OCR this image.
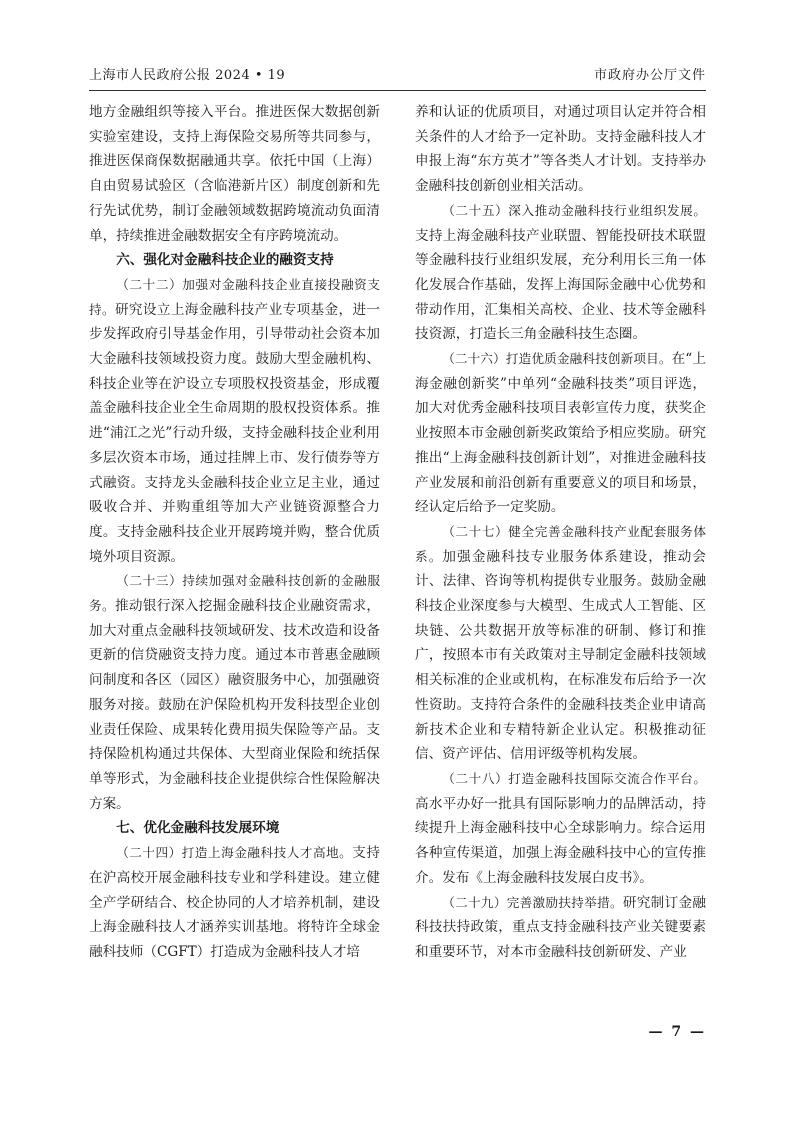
上海市人民政府公报 2024 • 19	市政府办公厅文件

地方金融组织等接入平台。推进医保大数据创新实验室建设，支持上海保险交易所等共同参与，推进医保商保数据融通共享。依托中国（上海）自由贸易试验区（含临港新片区）制度创新和先行先试优势，制订金融领域数据跨境流动负面清单，持续推进金融数据安全有序跨境流动。

六、强化对金融科技企业的融资支持

（二十二）加强对金融科技企业直接投融资支持。研究设立上海金融科技产业专项基金，进一步发挥政府引导基金作用，引导带动社会资本加大金融科技领域投资力度。鼓励大型金融机构、科技企业等在沪设立专项股权投资基金，形成覆盖金融科技企业全生命周期的股权投资体系。推进“浦江之光”行动升级，支持金融科技企业利用多层次资本市场，通过挂牌上市、发行债券等方式融资。支持龙头金融科技企业立足主业，通过吸收合并、并购重组等加大产业链资源整合力度。支持金融科技企业开展跨境并购，整合优质境外项目资源。

（二十三）持续加强对金融科技创新的金融服务。推动银行深入挖掘金融科技企业融资需求，加大对重点金融科技领域研发、技术改造和设备更新的信贷融资支持力度。通过本市普惠金融顾问制度和各区（园区）融资服务中心，加强融资服务对接。鼓励在沪保险机构开发科技型企业创业责任保险、成果转化费用损失保险等产品。支持保险机构通过共保体、大型商业保险和统括保单等形式，为金融科技企业提供综合性保险解决方案。

七、优化金融科技发展环境

（二十四）打造上海金融科技人才高地。支持在沪高校开展金融科技专业和学科建设。建立健全产学研结合、校企协同的人才培养机制，建设上海金融科技人才涵养实训基地。将特许全球金融科技师（CGFT）打造成为金融科技人才培

养和认证的优质项目，对通过项目认定并符合相关条件的人才给予一定补助。支持金融科技人才申报上海“东方英才”等各类人才计划。支持举办金融科技创新创业相关活动。

（二十五）深入推动金融科技行业组织发展。支持上海金融科技产业联盟、智能投研技术联盟等金融科技行业组织发展，充分利用长三角一体化发展合作基础，发挥上海国际金融中心优势和带动作用，汇集相关高校、企业、技术等金融科技资源，打造长三角金融科技生态圈。

（二十六）打造优质金融科技创新项目。在“上海金融创新奖”中单列“金融科技类”项目评选，加大对优秀金融科技项目表彰宣传力度，获奖企业按照本市金融创新奖政策给予相应奖励。研究推出“上海金融科技创新计划”，对推进金融科技产业发展和前沿创新有重要意义的项目和场景，经认定后给予一定奖励。

（二十七）健全完善金融科技产业配套服务体系。加强金融科技专业服务体系建设，推动会计、法律、咨询等机构提供专业服务。鼓励金融科技企业深度参与大模型、生成式人工智能、区块链、公共数据开放等标准的研制、修订和推广，按照本市有关政策对主导制定金融科技领域相关标准的企业或机构，在标准发布后给予一次性资助。支持符合条件的金融科技类企业申请高新技术企业和专精特新企业认定。积极推动征信、资产评估、信用评级等机构发展。

（二十八）打造金融科技国际交流合作平台。高水平办好一批具有国际影响力的品牌活动，持续提升上海金融科技中心全球影响力。综合运用各种宣传渠道，加强上海金融科技中心的宣传推介。发布《上海金融科技发展白皮书》。

（二十九）完善激励扶持举措。研究制订金融科技扶持政策，重点支持金融科技产业关键要素和重要环节，对本市金融科技创新研发、产业

— 7 —
